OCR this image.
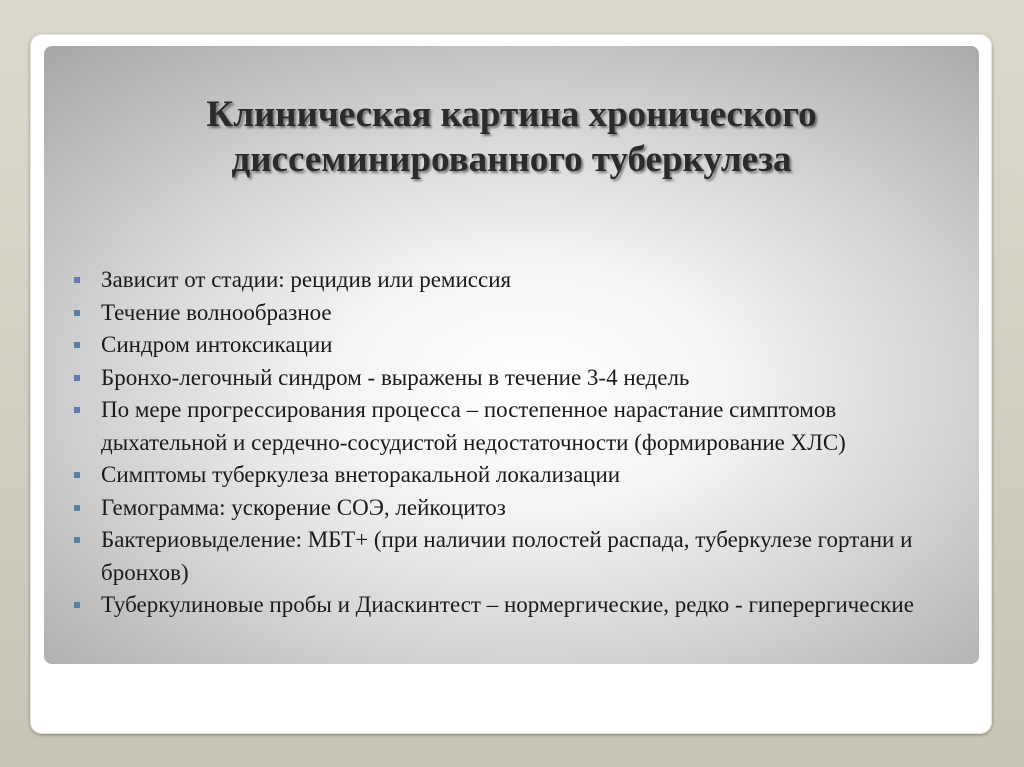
Клиническая картина хронического
диссеминированного туберкулеза
Зависит от стадии: рецидив или ремиссия
Течение волнообразное
Синдром интоксикации
Бронхо-легочный синдром - выражены в течение 3-4 недель
По мере прогрессирования процесса – постепенное нарастание симптомов дыхательной и сердечно-сосудистой недостаточности (формирование ХЛС)
Симптомы туберкулеза внеторакальной локализации
Гемограмма: ускорение СОЭ, лейкоцитоз
Бактериовыделение: МБТ+ (при наличии полостей распада, туберкулезе гортани и бронхов)
Туберкулиновые пробы и Диаскинтест – нормергические, редко - гиперергические
